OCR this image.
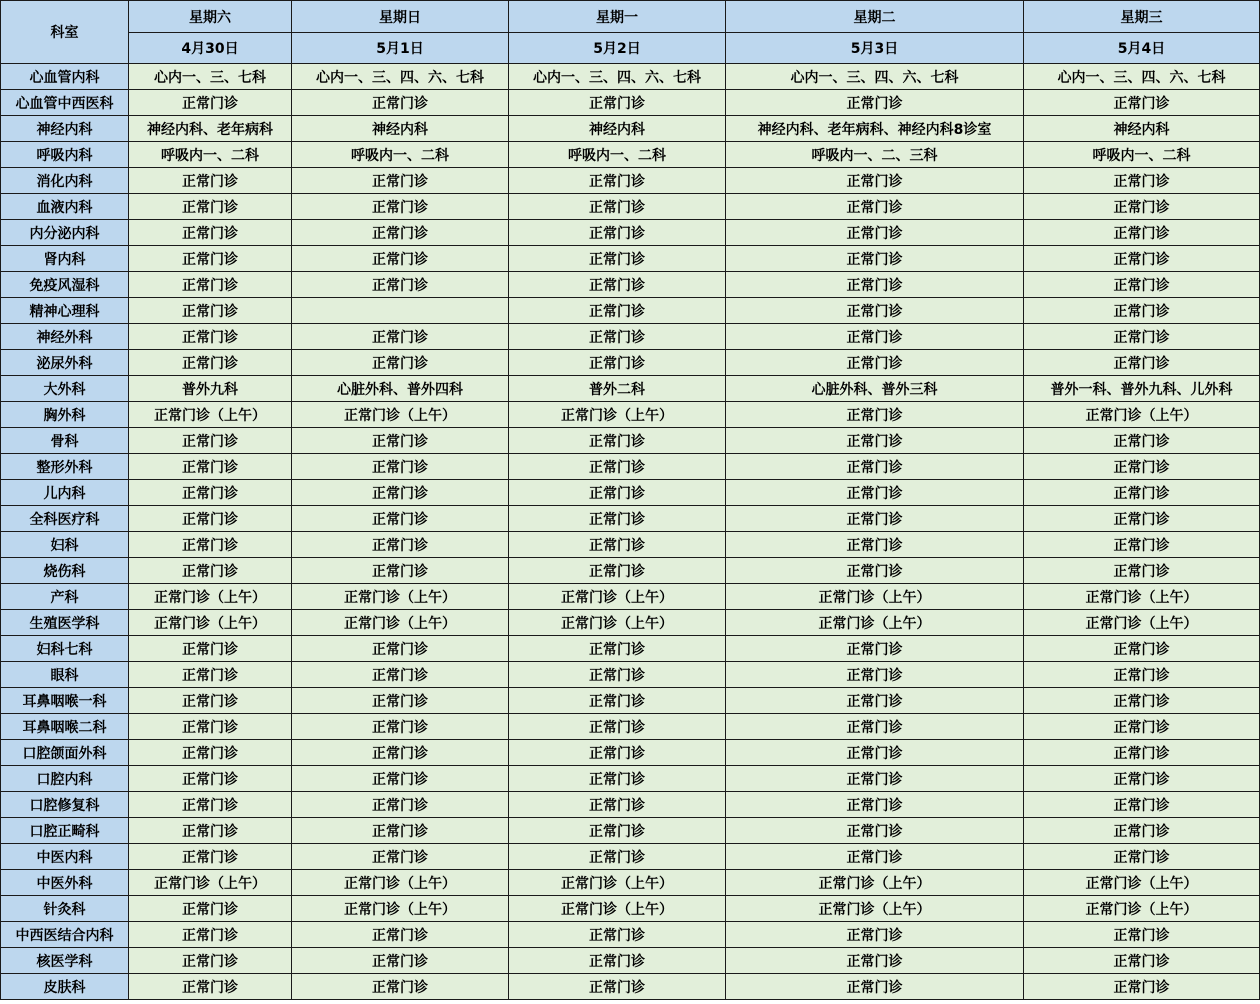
科室	星期六	星期日	星期一	星期二	星期三
	4月30日	5月1日	5月2日	5月3日	5月4日
心血管内科	心内一、三、七科	心内一、三、四、六、七科	心内一、三、四、六、七科	心内一、三、四、六、七科	心内一、三、四、六、七科
心血管中西医科	正常门诊	正常门诊	正常门诊	正常门诊	正常门诊
神经内科	神经内科、老年病科	神经内科	神经内科	神经内科、老年病科、神经内科8诊室	神经内科
呼吸内科	呼吸内一、二科	呼吸内一、二科	呼吸内一、二科	呼吸内一、二、三科	呼吸内一、二科
消化内科	正常门诊	正常门诊	正常门诊	正常门诊	正常门诊
血液内科	正常门诊	正常门诊	正常门诊	正常门诊	正常门诊
内分泌内科	正常门诊	正常门诊	正常门诊	正常门诊	正常门诊
肾内科	正常门诊	正常门诊	正常门诊	正常门诊	正常门诊
免疫风湿科	正常门诊	正常门诊	正常门诊	正常门诊	正常门诊
精神心理科	正常门诊		正常门诊	正常门诊	正常门诊
神经外科	正常门诊	正常门诊	正常门诊	正常门诊	正常门诊
泌尿外科	正常门诊	正常门诊	正常门诊	正常门诊	正常门诊
大外科	普外九科	心脏外科、普外四科	普外二科	心脏外科、普外三科	普外一科、普外九科、儿外科
胸外科	正常门诊（上午）	正常门诊（上午）	正常门诊（上午）	正常门诊	正常门诊（上午）
骨科	正常门诊	正常门诊	正常门诊	正常门诊	正常门诊
整形外科	正常门诊	正常门诊	正常门诊	正常门诊	正常门诊
儿内科	正常门诊	正常门诊	正常门诊	正常门诊	正常门诊
全科医疗科	正常门诊	正常门诊	正常门诊	正常门诊	正常门诊
妇科	正常门诊	正常门诊	正常门诊	正常门诊	正常门诊
烧伤科	正常门诊	正常门诊	正常门诊	正常门诊	正常门诊
产科	正常门诊（上午）	正常门诊（上午）	正常门诊（上午）	正常门诊（上午）	正常门诊（上午）
生殖医学科	正常门诊（上午）	正常门诊（上午）	正常门诊（上午）	正常门诊（上午）	正常门诊（上午）
妇科七科	正常门诊	正常门诊	正常门诊	正常门诊	正常门诊
眼科	正常门诊	正常门诊	正常门诊	正常门诊	正常门诊
耳鼻咽喉一科	正常门诊	正常门诊	正常门诊	正常门诊	正常门诊
耳鼻咽喉二科	正常门诊	正常门诊	正常门诊	正常门诊	正常门诊
口腔颌面外科	正常门诊	正常门诊	正常门诊	正常门诊	正常门诊
口腔内科	正常门诊	正常门诊	正常门诊	正常门诊	正常门诊
口腔修复科	正常门诊	正常门诊	正常门诊	正常门诊	正常门诊
口腔正畸科	正常门诊	正常门诊	正常门诊	正常门诊	正常门诊
中医内科	正常门诊	正常门诊	正常门诊	正常门诊	正常门诊
中医外科	正常门诊（上午）	正常门诊（上午）	正常门诊（上午）	正常门诊（上午）	正常门诊（上午）
针灸科	正常门诊	正常门诊（上午）	正常门诊（上午）	正常门诊（上午）	正常门诊（上午）
中西医结合内科	正常门诊	正常门诊	正常门诊	正常门诊	正常门诊
核医学科	正常门诊	正常门诊	正常门诊	正常门诊	正常门诊
皮肤科	正常门诊	正常门诊	正常门诊	正常门诊	正常门诊
